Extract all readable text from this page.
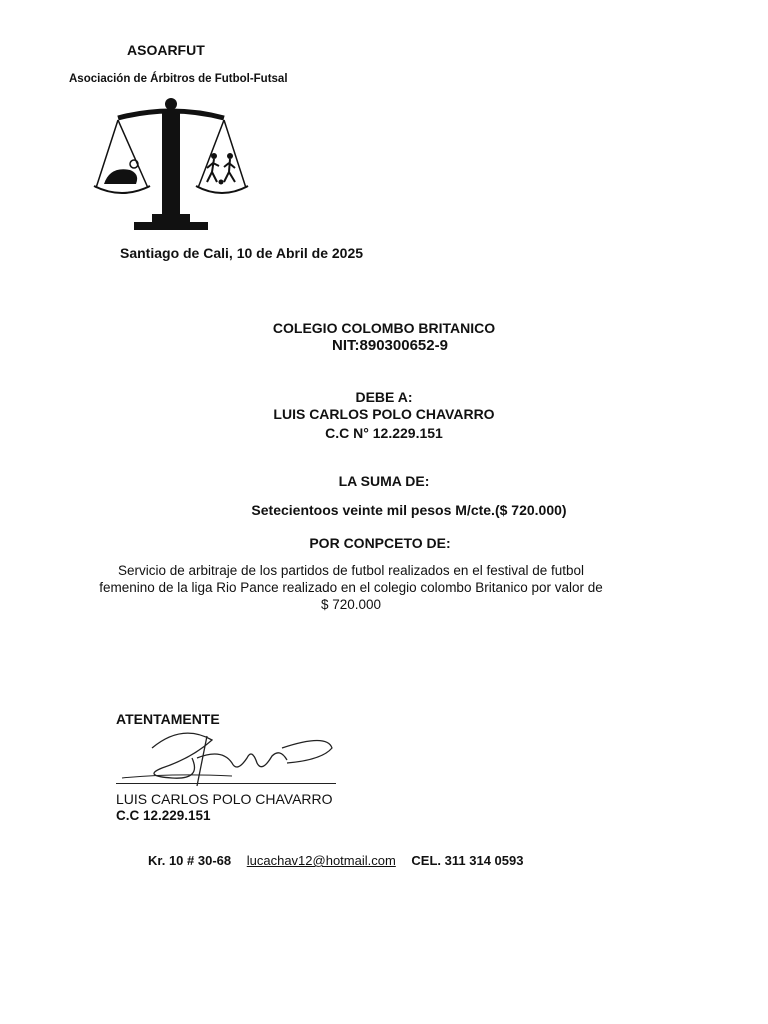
ASOARFUT
Asociación de Árbitros de Futbol-Futsal
Santiago de Cali, 10 de Abril de 2025
COLEGIO COLOMBO BRITANICO
NIT:890300652-9
DEBE A:
LUIS CARLOS POLO CHAVARRO
C.C N° 12.229.151
LA SUMA DE:
Setecientoos veinte mil pesos M/cte.($ 720.000)
POR CONPCETO DE:
Servicio de arbitraje de los partidos de futbol realizados en el festival de futbol
femenino de la liga Rio Pance realizado en el colegio colombo Britanico por valor de
$ 720.000
ATENTAMENTE
LUIS CARLOS POLO CHAVARRO
C.C 12.229.151
Kr. 10 # 30-68 lucachav12@hotmail.com CEL. 311 314 0593
